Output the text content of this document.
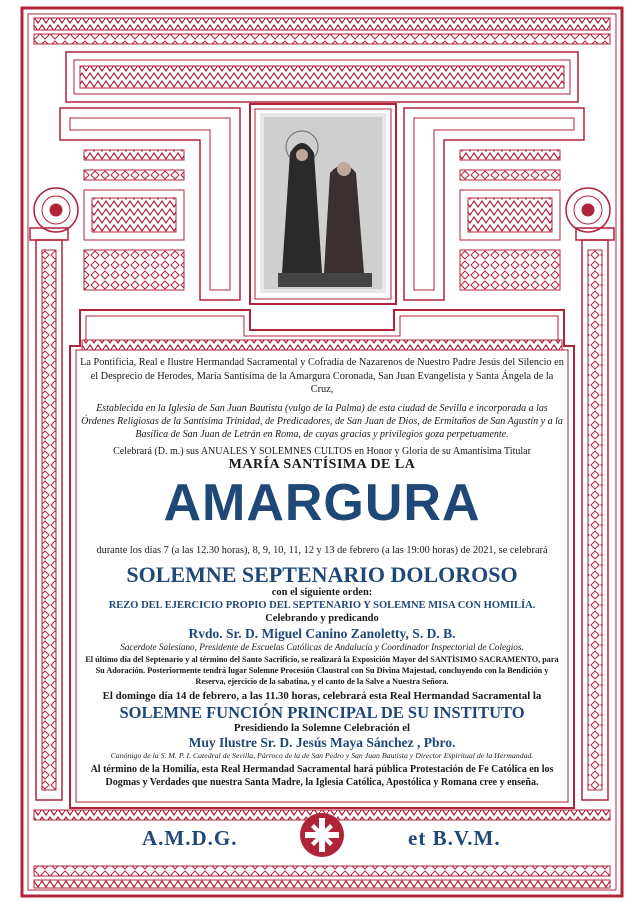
La Pontificia, Real e Ilustre Hermandad Sacramental y Cofradía de Nazarenos de Nuestro Padre Jesús del Silencio en el Desprecio de Herodes, María Santísima de la Amargura Coronada, San Juan Evangelista y Santa Ángela de la Cruz,

Establecida en la Iglesia de San Juan Bautista (vulgo de la Palma) de esta ciudad de Sevilla e incorporada a las Órdenes Religiosas de la Santísima Trinidad, de Predicadores, de San Juan de Dios, de Ermitaños de San Agustín y a la Basílica de San Juan de Letrán en Roma, de cuyas gracias y privilegios goza perpetuamente.

Celebrará (D. m.) sus ANUALES Y SOLEMNES CULTOS en Honor y Gloria de su Amantísima Titular

MARÍA SANTÍSIMA DE LA

AMARGURA

durante los días 7 (a las 12.30 horas), 8, 9, 10, 11, 12 y 13 de febrero (a las 19:00 horas) de 2021, se celebrará

SOLEMNE SEPTENARIO DOLOROSO

con el siguiente orden:

REZO DEL EJERCICIO PROPIO DEL SEPTENARIO Y SOLEMNE MISA CON HOMILÍA.

Celebrando y predicando

Rvdo. Sr. D. Miguel Canino Zanoletty, S. D. B.

Sacerdote Salesiano, Presidente de Escuelas Católicas de Andalucía y Coordinador Inspectorial de Colegios.

El último día del Septenario y al término del Santo Sacrificio, se realizará la Exposición Mayor del SANTÍSIMO SACRAMENTO, para Su Adoración. Posteriormente tendrá lugar Solemne Procesión Claustral con Su Divina Majestad, concluyendo con la Bendición y Reserva, ejercicio de la sabatina, y el canto de la Salve a Nuestra Señora.

El domingo día 14 de febrero, a las 11.30 horas, celebrará esta Real Hermandad Sacramental la

SOLEMNE FUNCIÓN PRINCIPAL DE SU INSTITUTO

Presidiendo la Solemne Celebración el

Muy Ilustre Sr. D. Jesús Maya Sánchez , Pbro.

Canónigo de la S. M. P. I. Catedral de Sevilla, Párroco de la de San Pedro y San Juan Bautista y Director Espiritual de la Hermandad.

Al término de la Homilía, esta Real Hermandad Sacramental hará pública Protestación de Fe Católica en los Dogmas y Verdades que nuestra Santa Madre, la Iglesia Católica, Apostólica y Romana cree y enseña.

A.M.D.G.	et B.V.M.
